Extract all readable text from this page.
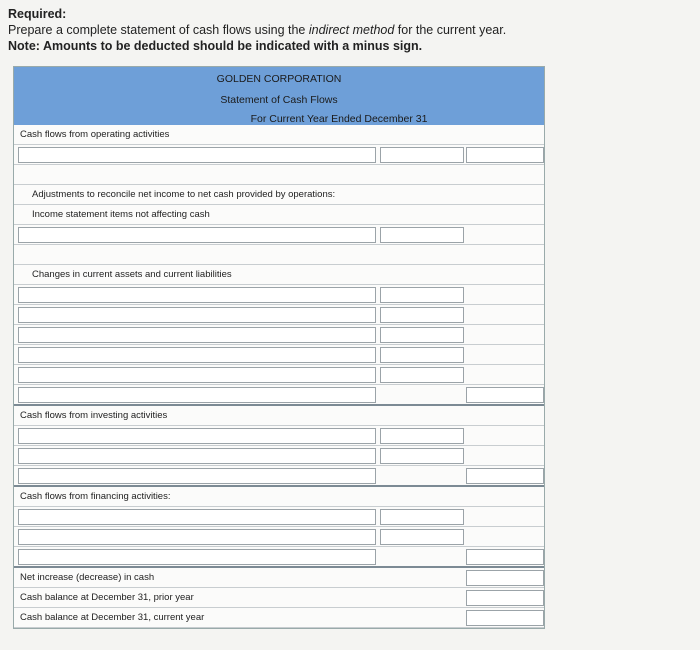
Required:
Prepare a complete statement of cash flows using the indirect method for the current year.
Note: Amounts to be deducted should be indicated with a minus sign.
GOLDEN CORPORATION
Statement of Cash Flows
For Current Year Ended December 31
Cash flows from operating activities
Adjustments to reconcile net income to net cash provided by operations:
Income statement items not affecting cash
Changes in current assets and current liabilities
Cash flows from investing activities
Cash flows from financing activities:
Net increase (decrease) in cash
Cash balance at December 31, prior year
Cash balance at December 31, current year
